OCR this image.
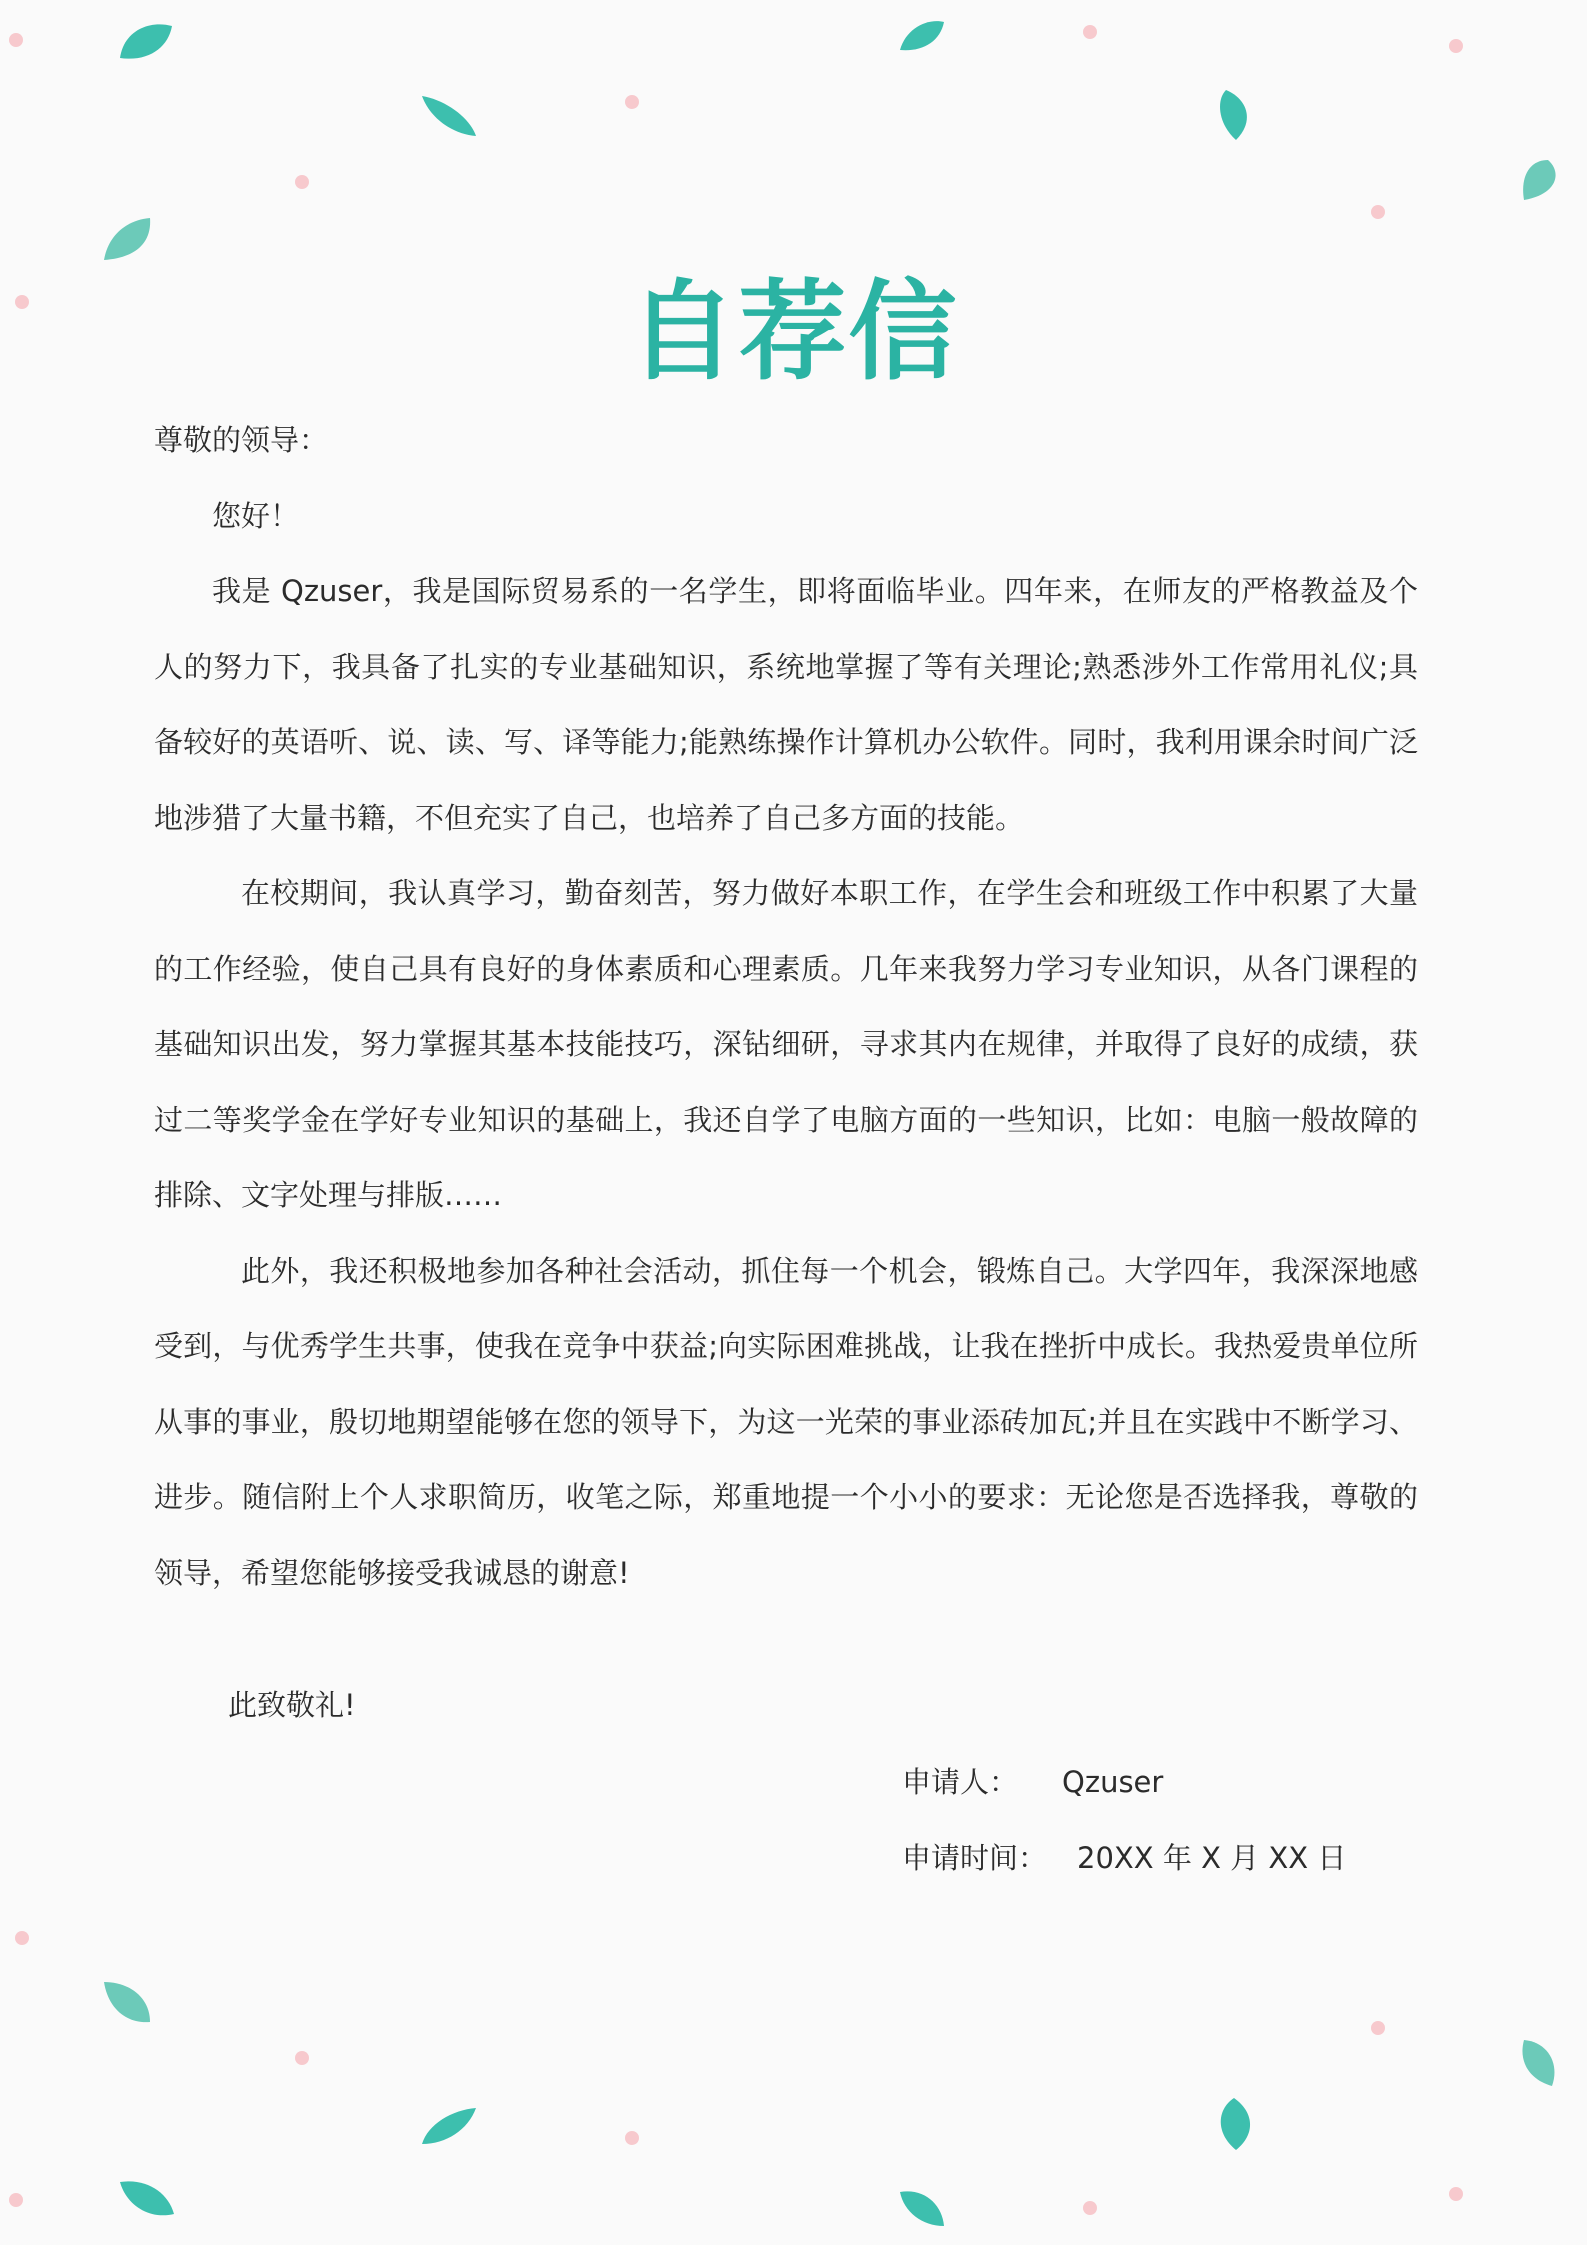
自荐信

尊敬的领导：

您好！

我是 Qzuser，我是国际贸易系的一名学生，即将面临毕业。四年来，在师友的严格教益及个人的努力下，我具备了扎实的专业基础知识，系统地掌握了等有关理论;熟悉涉外工作常用礼仪;具备较好的英语听、说、读、写、译等能力;能熟练操作计算机办公软件。同时，我利用课余时间广泛地涉猎了大量书籍，不但充实了自己，也培养了自己多方面的技能。

在校期间，我认真学习，勤奋刻苦，努力做好本职工作，在学生会和班级工作中积累了大量的工作经验，使自己具有良好的身体素质和心理素质。几年来我努力学习专业知识，从各门课程的基础知识出发，努力掌握其基本技能技巧，深钻细研，寻求其内在规律，并取得了良好的成绩，获过二等奖学金在学好专业知识的基础上，我还自学了电脑方面的一些知识，比如：电脑一般故障的排除、文字处理与排版……

此外，我还积极地参加各种社会活动，抓住每一个机会，锻炼自己。大学四年，我深深地感受到，与优秀学生共事，使我在竞争中获益;向实际困难挑战，让我在挫折中成长。我热爱贵单位所从事的事业，殷切地期望能够在您的领导下，为这一光荣的事业添砖加瓦;并且在实践中不断学习、进步。随信附上个人求职简历，收笔之际，郑重地提一个小小的要求：无论您是否选择我，尊敬的领导，希望您能够接受我诚恳的谢意!

此致敬礼!
申请人： Qzuser
申请时间： 20XX 年 X 月 XX 日
